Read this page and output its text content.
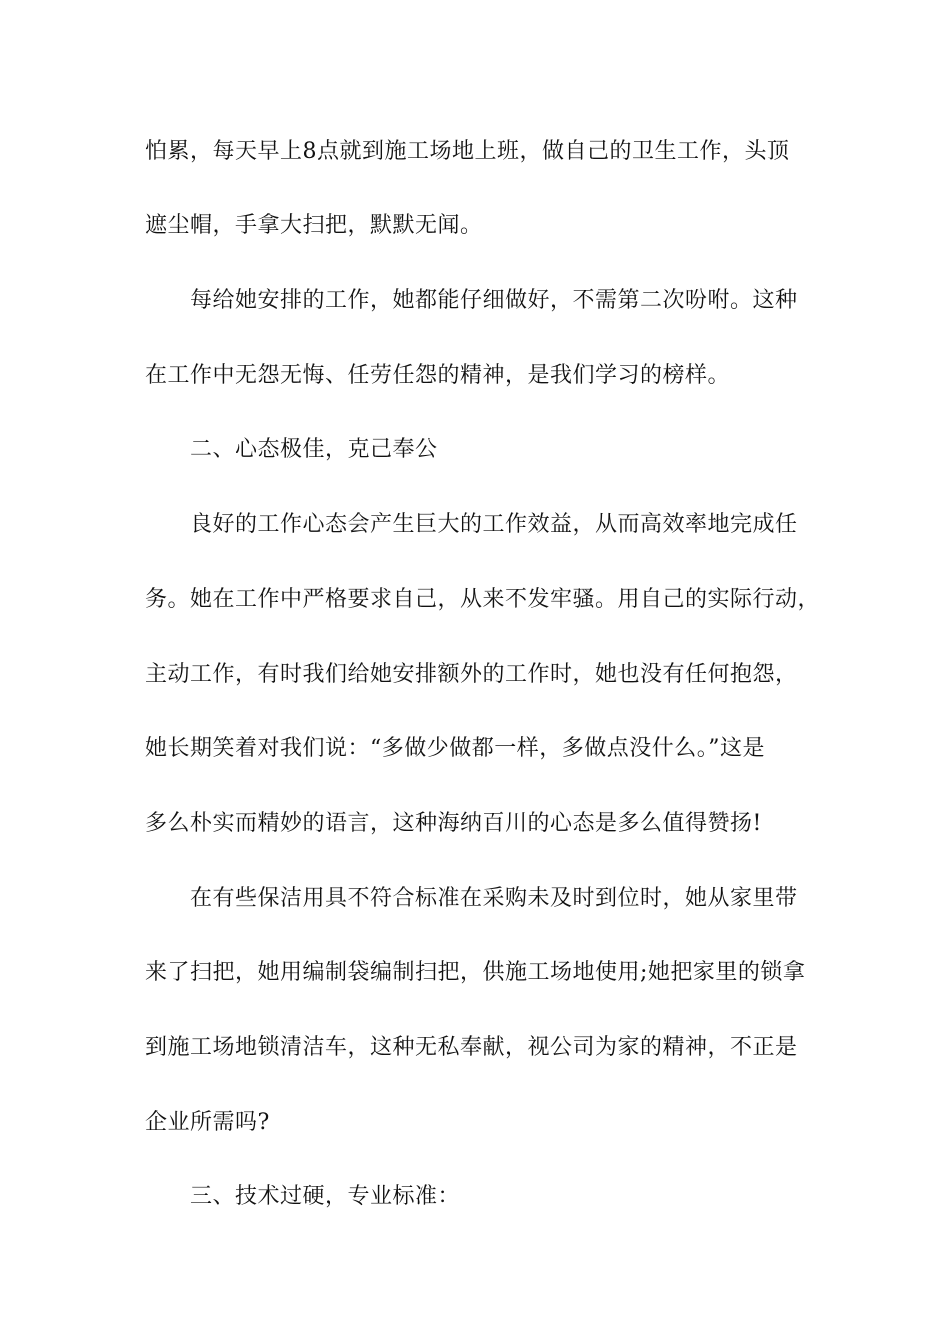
怕累，每天早上8点就到施工场地上班，做自己的卫生工作，头顶
遮尘帽，手拿大扫把，默默无闻。
每给她安排的工作，她都能仔细做好，不需第二次吩咐。这种
在工作中无怨无悔、任劳任怨的精神，是我们学习的榜样。
二、心态极佳，克己奉公
良好的工作心态会产生巨大的工作效益，从而高效率地完成任
务。她在工作中严格要求自己，从来不发牢骚。用自己的实际行动，
主动工作，有时我们给她安排额外的工作时，她也没有任何抱怨，
她长期笑着对我们说：“多做少做都一样，多做点没什么。”这是
多么朴实而精妙的语言，这种海纳百川的心态是多么值得赞扬!
在有些保洁用具不符合标准在采购未及时到位时，她从家里带
来了扫把，她用编制袋编制扫把，供施工场地使用;她把家里的锁拿
到施工场地锁清洁车，这种无私奉献，视公司为家的精神，不正是
企业所需吗?
三、技术过硬，专业标准：
